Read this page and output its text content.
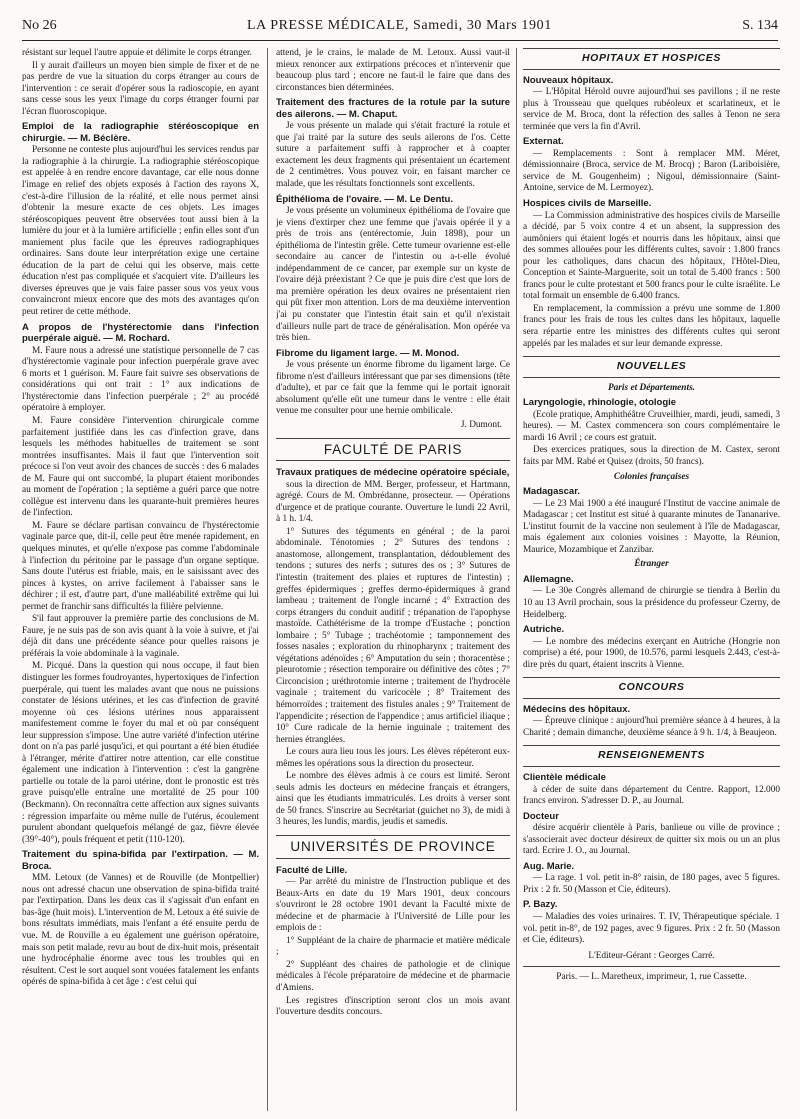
No 26	LA PRESSE MÉDICALE, Samedi, 30 Mars 1901	S. 134

résistant sur lequel l'autre appuie et délimite le corps étranger.

Il y aurait d'ailleurs un moyen bien simple de fixer et de ne pas perdre de vue la situation du corps étranger au cours de l'intervention : ce serait d'opérer sous la radioscopie, en ayant sans cesse sous les yeux l'image du corps étranger fourni par l'écran fluoroscopique.

Emploi de la radiographie stéréoscopique en chirurgie. — M. Béclère.

Personne ne conteste plus aujourd'hui les services rendus par la radiographie à la chirurgie. La radiographie stéréoscopique est appelée à en rendre encore davantage, car elle nous donne l'image en relief des objets exposés à l'action des rayons X, c'est-à-dire l'illusion de la réalité, et elle nous permet ainsi d'obtenir la mesure exacte de ces objets. Les images stéréoscopiques peuvent être observées tout aussi bien à la lumière du jour et à la lumière artificielle ; enfin elles sont d'un maniement plus facile que les épreuves radiographiques ordinaires. Sans doute leur interprétation exige une certaine éducation de la part de celui qui les observe, mais cette éducation n'est pas compliquée et s'acquiert vite. D'ailleurs les diverses épreuves que je vais faire passer sous vos yeux vous convaincront mieux encore que des mots des avantages qu'on peut retirer de cette méthode.

A propos de l'hystérectomie dans l'infection puerpérale aiguë. — M. Rochard.

M. Faure nous a adressé une statistique personnelle de 7 cas d'hystérectomie vaginale pour infection puerpérale grave avec 6 morts et 1 guérison. M. Faure fait suivre ses observations de considérations qui ont trait : 1° aux indications de l'hystérectomie dans l'infection puerpérale ; 2° au procédé opératoire à employer.

M. Faure considère l'intervention chirurgicale comme parfaitement justifiée dans les cas d'infection grave, dans lesquels les méthodes habituelles de traitement se sont montrées insuffisantes. Mais il faut que l'intervention soit précoce si l'on veut avoir des chances de succès : des 6 malades de M. Faure qui ont succombé, la plupart étaient moribondes au moment de l'opération ; la septième a guéri parce que notre collègue est intervenu dans les quarante-huit premières heures de l'infection.

M. Faure se déclare partisan convaincu de l'hystérectomie vaginale parce que, dit-il, celle peut être menée rapidement, en quelques minutes, et qu'elle n'expose pas comme l'abdominale à l'infection du péritoine par le passage d'un organe septique. Sans doute l'utérus est friable, mais, en le saisissant avec des pinces à kystes, on arrive facilement à l'abaisser sans le déchirer ; il est, d'autre part, d'une malléabilité extrême qui lui permet de franchir sans difficultés la filière pelvienne.

S'il faut approuver la première partie des conclusions de M. Faure, je ne suis pas de son avis quant à la voie à suivre, et j'ai déjà dit dans une précédente séance pour quelles raisons je préférais la voie abdominale à la vaginale.

M. Picqué. Dans la question qui nous occupe, il faut bien distinguer les formes foudroyantes, hypertoxiques de l'infection puerpérale, qui tuent les malades avant que nous ne puissions constater de lésions utérines, et les cas d'infection de gravité moyenne où ces lésions utérines nous apparaissent manifestement comme le foyer du mal et où par conséquent leur suppression s'impose. Une autre variété d'infection utérine dont on n'a pas parlé jusqu'ici, et qui pourtant a été bien étudiée à l'étranger, mérite d'attirer notre attention, car elle constitue également une indication à l'intervention : c'est la gangrène partielle ou totale de la paroi utérine, dont le pronostic est très grave puisqu'elle entraîne une mortalité de 25 pour 100 (Beckmann). On reconnaîtra cette affection aux signes suivants : régression imparfaite ou même nulle de l'utérus, écoulement purulent abondant quelquefois mélangé de gaz, fièvre élevée (39°-40°), pouls fréquent et petit (110-120).

Traitement du spina-bifida par l'extirpation. — M. Broca.

MM. Letoux (de Vannes) et de Rouville (de Montpellier) nous ont adressé chacun une observation de spina-bifida traité par l'extirpation. Dans les deux cas il s'agissait d'un enfant en bas-âge (huit mois). L'intervention de M. Letoux a été suivie de bons résultats immédiats, mais l'enfant a été ensuite perdu de vue. M. de Rouville a eu également une guérison opératoire, mais son petit malade, revu au bout de dix-huit mois, présentait une hydrocéphalie énorme avec tous les troubles qui en résultent. C'est le sort auquel sont vouées fatalement les enfants opérés de spina-bifida à cet âge : c'est celui qui

attend, je le crains, le malade de M. Letoux. Aussi vaut-il mieux renoncer aux extirpations précoces et n'intervenir que beaucoup plus tard ; encore ne faut-il le faire que dans des circonstances bien déterminées.

Traitement des fractures de la rotule par la suture des ailerons. — M. Chaput.

Je vous présente un malade qui s'était fracturé la rotule et que j'ai traité par la suture des seuls ailerons de l'os. Cette suture a parfaitement suffi à rapprocher et à coapter exactement les deux fragments qui présentaient un écartement de 2 centimètres. Vous pouvez voir, en faisant marcher ce malade, que les résultats fonctionnels sont excellents.

Épithélioma de l'ovaire. — M. Le Dentu.

Je vous présente un volumineux épithélioma de l'ovaire que je viens d'extirper chez une femme que j'avais opérée il y a près de trois ans (entérectomie, Juin 1898), pour un épithélioma de l'intestin grêle. Cette tumeur ovarienne est-elle secondaire au cancer de l'intestin ou a-t-elle évolué indépendamment de ce cancer, par exemple sur un kyste de l'ovaire déjà préexistant ? Ce que je puis dire c'est que lors de ma première opération les deux ovaires ne présentaient rien qui pût fixer mon attention. Lors de ma deuxième intervention j'ai pu constater que l'intestin était sain et qu'il n'existait d'ailleurs nulle part de trace de généralisation. Mon opérée va très bien.

Fibrome du ligament large. — M. Monod.

Je vous présente un énorme fibrome du ligament large. Ce fibrome n'est d'ailleurs intéressant que par ses dimensions (tête d'adulte), et par ce fait que la femme qui le portait ignorait absolument qu'elle eût une tumeur dans le ventre : elle était venue me consulter pour une hernie ombilicale.

J. Dumont.

FACULTÉ DE PARIS

Travaux pratiques de médecine opératoire spéciale,

sous la direction de MM. Berger, professeur, et Hartmann, agrégé. Cours de M. Ombrédanne, prosecteur. — Opérations d'urgence et de pratique courante. Ouverture le lundi 22 Avril, à 1 h. 1/4.

1° Sutures des téguments en général ; de la paroi abdominale. Ténotomies ; 2° Sutures des tendons : anastomose, allongement, transplantation, dédoublement des tendons ; sutures des nerfs ; sutures des os ; 3° Sutures de l'intestin (traitement des plaies et ruptures de l'intestin) ; greffes épidermiques ; greffes dermo-épidermiques à grand lambeau ; traitement de l'ongle incarné ; 4° Extraction des corps étrangers du conduit auditif ; trépanation de l'apophyse mastoïde. Cathétérisme de la trompe d'Eustache ; ponction lombaire ; 5° Tubage ; trachéotomie ; tamponnement des fosses nasales ; exploration du rhinopharynx ; traitement des végétations adénoïdes ; 6° Amputation du sein ; thoracentèse ; pleurotomie ; résection temporaire ou définitive des côtes ; 7° Circoncision ; uréthrotomie interne ; traitement de l'hydrocèle vaginale ; traitement du varicocèle ; 8° Traitement des hémorroïdes ; traitement des fistules anales ; 9° Traitement de l'appendicite ; résection de l'appendice ; anus artificiel iliaque ; 10° Cure radicale de la hernie inguinale ; traitement des hernies étranglées.

Le cours aura lieu tous les jours. Les élèves répéteront eux-mêmes les opérations sous la direction du prosecteur.

Le nombre des élèves admis à ce cours est limité. Seront seuls admis les docteurs en médecine français et étrangers, ainsi que les étudiants immatriculés. Les droits à verser sont de 50 francs. S'inscrire au Secrétariat (guichet no 3), de midi à 3 heures, les lundis, mardis, jeudis et samedis.

UNIVERSITÉS DE PROVINCE

Faculté de Lille.

— Par arrêté du ministre de l'Instruction publique et des Beaux-Arts en date du 19 Mars 1901, deux concours s'ouvriront le 28 octobre 1901 devant la Faculté mixte de médecine et de pharmacie à l'Université de Lille pour les emplois de :

1° Suppléant de la chaire de pharmacie et matière médicale ;

2° Suppléant des chaires de pathologie et de clinique médicales à l'école préparatoire de médecine et de pharmacie d'Amiens.

Les registres d'inscription seront clos un mois avant l'ouverture desdits concours.

HOPITAUX ET HOSPICES

Nouveaux hôpitaux.

— L'Hôpital Hérold ouvre aujourd'hui ses pavillons ; il ne reste plus à Trousseau que quelques rubéoleux et scarlatineux, et le service de M. Broca, dont la réfection des salles à Tenon ne sera terminée que vers la fin d'Avril.

Externat.

— Remplacements : Sont à remplacer MM. Méret, démissionnaire (Broca, service de M. Brocq) ; Baron (Lariboisière, service de M. Gougenheim) ; Nigoul, démissionnaire (Saint-Antoine, service de M. Lermoyez).

Hospices civils de Marseille.

— La Commission administrative des hospices civils de Marseille a décidé, par 5 voix contre 4 et un absent, la suppression des aumôniers qui étaient logés et nourris dans les hôpitaux, ainsi que des sommes allouées pour les différents cultes, savoir : 1.800 francs pour les catholiques, dans chacun des hôpitaux, l'Hôtel-Dieu, Conception et Sainte-Marguerite, soit un total de 5.400 francs : 500 francs pour le culte protestant et 500 francs pour le culte israélite. Le total formait un ensemble de 6.400 francs.

En remplacement, la commission a prévu une somme de 1.800 francs pour les frais de tous les cultes dans les hôpitaux, laquelle sera répartie entre les ministres des différents cultes qui seront appelés par les malades et sur leur demande expresse.

NOUVELLES

Paris et Départements.

Laryngologie, rhinologie, otologie

(Ecole pratique, Amphithéâtre Cruveilhier, mardi, jeudi, samedi, 3 heures). — M. Castex commencera son cours complémentaire le mardi 16 Avril ; ce cours est gratuit.

Des exercices pratiques, sous la direction de M. Castex, seront faits par MM. Rabé et Quisez (droits, 50 francs).

Colonies françaises

Madagascar.

— Le 23 Mai 1900 a été inauguré l'Institut de vaccine animale de Madagascar ; cet Institut est situé à quarante minutes de Tananarive. L'institut fournit de la vaccine non seulement à l'île de Madagascar, mais également aux colonies voisines : Mayotte, la Réunion, Maurice, Mozambique et Zanzibar.

Étranger

Allemagne.

— Le 30e Congrès allemand de chirurgie se tiendra à Berlin du 10 au 13 Avril prochain, sous la présidence du professeur Czerny, de Heidelberg.

Autriche.

— Le nombre des médecins exerçant en Autriche (Hongrie non comprise) a été, pour 1900, de 10.576, parmi lesquels 2.443, c'est-à-dire près du quart, étaient inscrits à Vienne.

CONCOURS

Médecins des hôpitaux.

— Épreuve clinique : aujourd'hui première séance à 4 heures, à la Charité ; demain dimanche, deuxième séance à 9 h. 1/4, à Beaujeon.

RENSEIGNEMENTS

Clientèle médicale

à céder de suite dans département du Centre. Rapport, 12.000 francs environ. S'adresser D. P., au Journal.

Docteur

désire acquérir clientèle à Paris, banlieue ou ville de province ; s'associerait avec docteur désireux de quitter six mois ou un an plus tard. Ecrire J. O., au Journal.

Aug. Marie.

— La rage. 1 vol. petit in-8° raisin, de 180 pages, avec 5 figures. Prix : 2 fr. 50 (Masson et Cie, éditeurs).

P. Bazy.

— Maladies des voies urinaires. T. IV, Thérapeutique spéciale. 1 vol. petit in-8°, de 192 pages, avec 9 figures. Prix : 2 fr. 50 (Masson et Cie, éditeurs).

L'Editeur-Gérant : Georges Carré.

Paris. — L. Maretheux, imprimeur, 1, rue Cassette.
